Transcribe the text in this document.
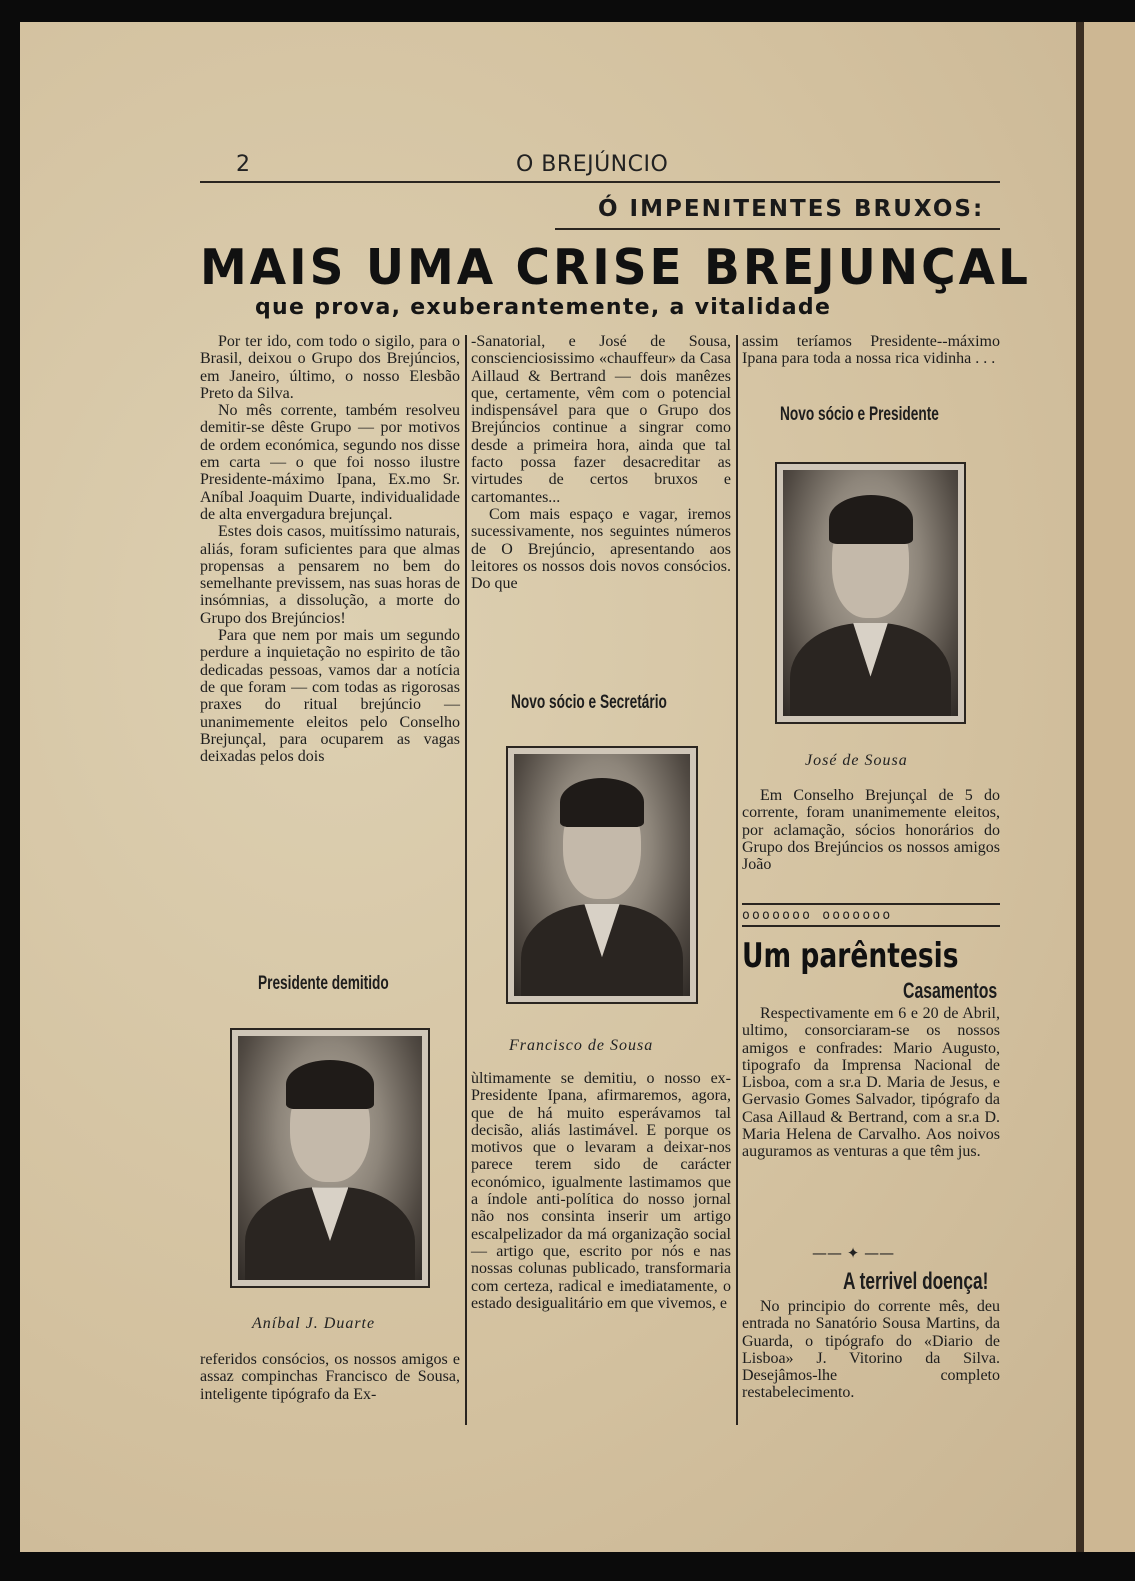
2	O BREJÚNCIO
Ó IMPENITENTES BRUXOS:
MAIS UMA CRISE BREJUNÇAL
que prova, exuberantemente, a vitalidade

Por ter ido, com todo o sigilo, para o Brasil, deixou o Grupo dos Brejúncios, em Janeiro, último, o nosso Elesbão Preto da Silva.

No mês corrente, também resolveu demitir-se dêste Grupo — por motivos de ordem económica, segundo nos disse em carta — o que foi nosso ilustre Presidente-máximo Ipana, Ex.mo Sr. Aníbal Joaquim Duarte, individualidade de alta envergadura brejunçal.

Estes dois casos, muitíssimo naturais, aliás, foram suficientes para que almas propensas a pensarem no bem do semelhante previssem, nas suas horas de insómnias, a dissolução, a morte do Grupo dos Brejúncios!

Para que nem por mais um segundo perdure a inquietação no espirito de tão dedicadas pessoas, vamos dar a notícia de que foram — com todas as rigorosas praxes do ritual brejúncio — unanimemente eleitos pelo Conselho Brejunçal, para ocuparem as vagas deixadas pelos dois

Presidente demitido
Aníbal J. Duarte

referidos consócios, os nossos amigos e assaz compinchas Francisco de Sousa, inteligente tipógrafo da Ex-

-Sanatorial, e José de Sousa, conscienciosissimo «chauffeur» da Casa Aillaud & Bertrand — dois manêzes que, certamente, vêm com o potencial indispensável para que o Grupo dos Brejúncios continue a singrar como desde a primeira hora, ainda que tal facto possa fazer desacreditar as virtudes de certos bruxos e cartomantes...

Com mais espaço e vagar, iremos sucessivamente, nos seguintes números de O Brejúncio, apresentando aos leitores os nossos dois novos consócios. Do que

Novo sócio e Secretário
Francisco de Sousa

ùltimamente se demitiu, o nosso ex-Presidente Ipana, afirmaremos, agora, que de há muito esperávamos tal decisão, aliás lastimável. E porque os motivos que o levaram a deixar-nos parece terem sido de carácter económico, igualmente lastimamos que a índole anti-política do nosso jornal não nos consinta inserir um artigo escalpelizador da má organização social — artigo que, escrito por nós e nas nossas colunas publicado, transformaria com certeza, radical e imediatamente, o estado desigualitário em que vivemos, e

assim teríamos Presidente--máximo Ipana para toda a nossa rica vidinha . . .

Novo sócio e Presidente
José de Sousa

Em Conselho Brejunçal de 5 do corrente, foram unanimemente eleitos, por aclamação, sócios honorários do Grupo dos Brejúncios os nossos amigos João

ooooooo ooooooo
Um parêntesis
Casamentos

Respectivamente em 6 e 20 de Abril, ultimo, consorciaram-se os nossos amigos e confrades: Mario Augusto, tipografo da Imprensa Nacional de Lisboa, com a sr.a D. Maria de Jesus, e Gervasio Gomes Salvador, tipógrafo da Casa Aillaud & Bertrand, com a sr.a D. Maria Helena de Carvalho. Aos noivos auguramos as venturas a que têm jus.

—— ✦ ——
A terrivel doença!

No principio do corrente mês, deu entrada no Sanatório Sousa Martins, da Guarda, o tipógrafo do «Diario de Lisboa» J. Vitorino da Silva. Desejâmos-lhe completo restabelecimento.
